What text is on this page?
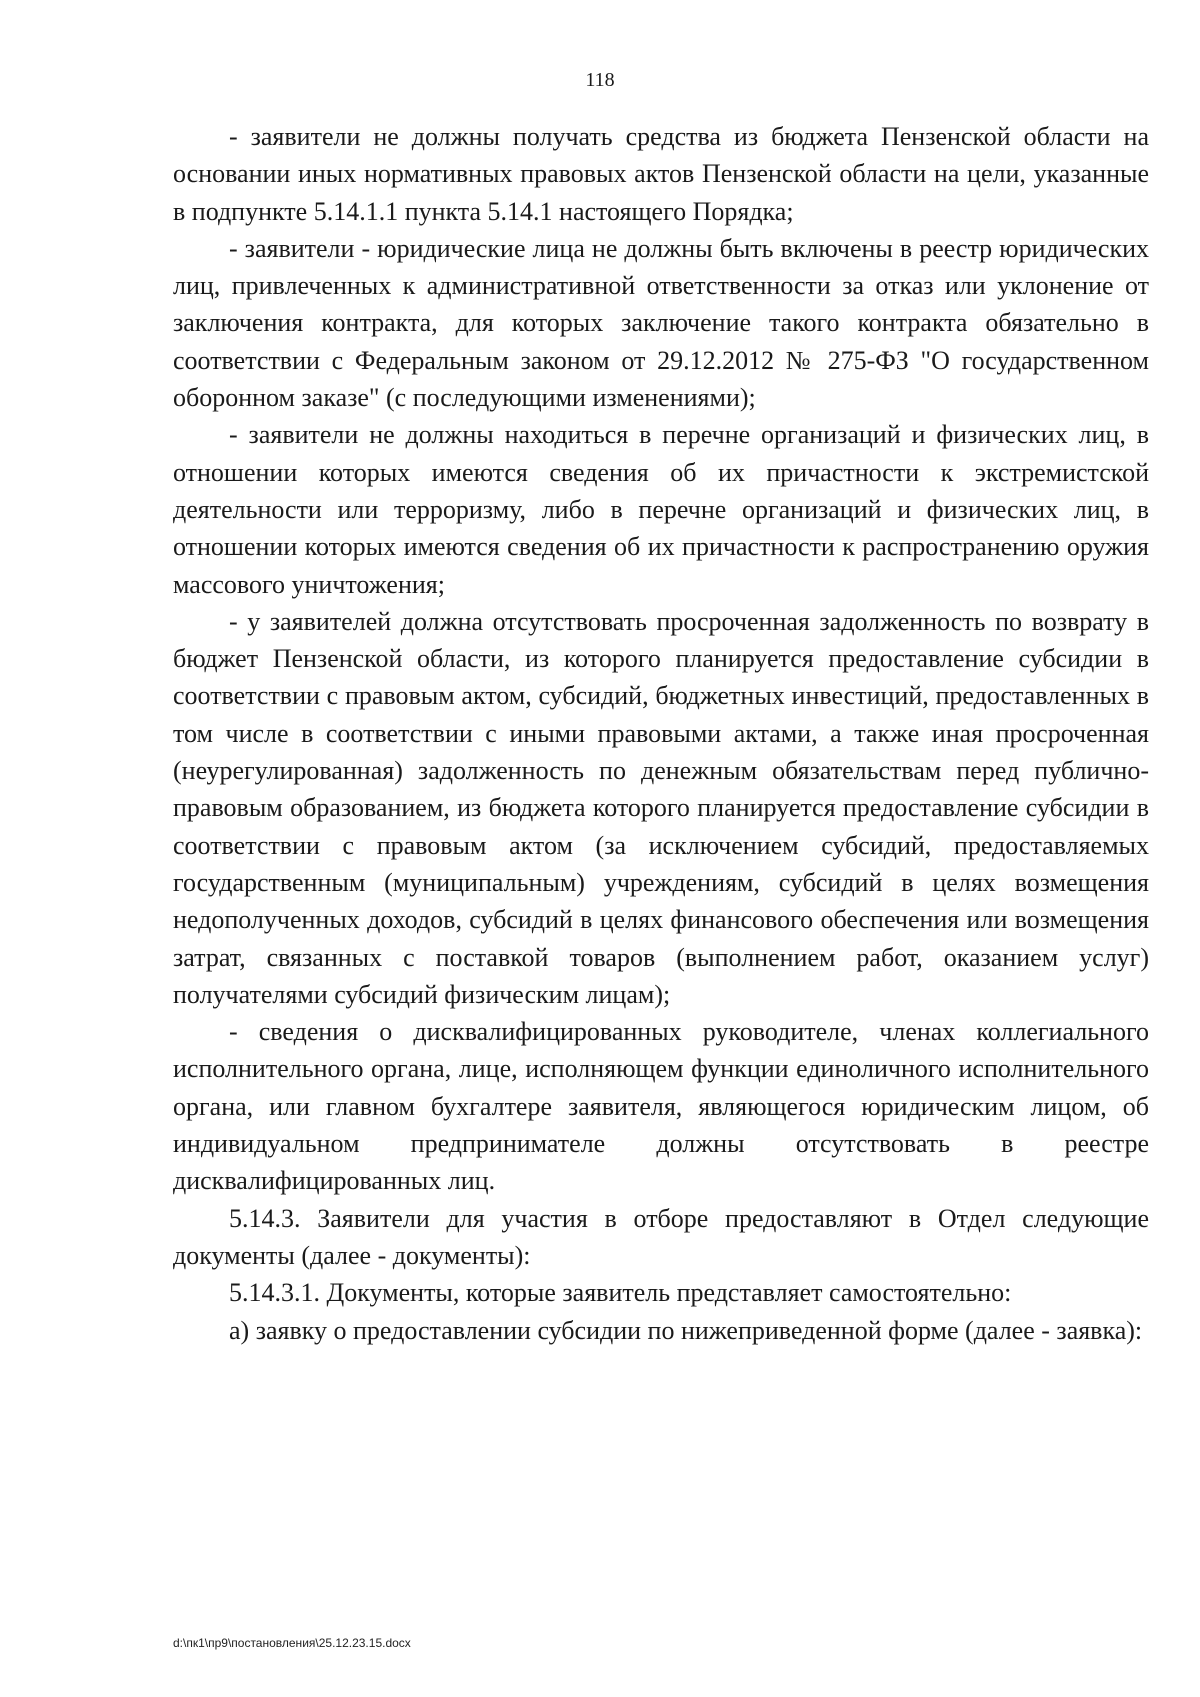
118

- заявители не должны получать средства из бюджета Пензенской области на основании иных нормативных правовых актов Пензенской области на цели, указанные в подпункте 5.14.1.1 пункта 5.14.1 настоящего Порядка;

- заявители - юридические лица не должны быть включены в реестр юридических лиц, привлеченных к административной ответственности за отказ или уклонение от заключения контракта, для которых заключение такого контракта обязательно в соответствии с Федеральным законом от 29.12.2012 № 275-ФЗ "О государственном оборонном заказе" (с последующими изменениями);

- заявители не должны находиться в перечне организаций и физических лиц, в отношении которых имеются сведения об их причастности к экстремистской деятельности или терроризму, либо в перечне организаций и физических лиц, в отношении которых имеются сведения об их причастности к распространению оружия массового уничтожения;

- у заявителей должна отсутствовать просроченная задолженность по возврату в бюджет Пензенской области, из которого планируется предоставление субсидии в соответствии с правовым актом, субсидий, бюджетных инвестиций, предоставленных в том числе в соответствии с иными правовыми актами, а также иная просроченная (неурегулированная) задолженность по денежным обязательствам перед публично-правовым образованием, из бюджета которого планируется предоставление субсидии в соответствии с правовым актом (за исключением субсидий, предоставляемых государственным (муниципальным) учреждениям, субсидий в целях возмещения недополученных доходов, субсидий в целях финансового обеспечения или возмещения затрат, связанных с поставкой товаров (выполнением работ, оказанием услуг) получателями субсидий физическим лицам);

- сведения о дисквалифицированных руководителе, членах коллегиального исполнительного органа, лице, исполняющем функции единоличного исполнительного органа, или главном бухгалтере заявителя, являющегося юридическим лицом, об индивидуальном предпринимателе должны отсутствовать в реестре дисквалифицированных лиц.

5.14.3. Заявители для участия в отборе предоставляют в Отдел следующие документы (далее - документы):

5.14.3.1. Документы, которые заявитель представляет самостоятельно:

а) заявку о предоставлении субсидии по нижеприведенной форме (далее - заявка):

d:\пк1\пр9\постановления\25.12.23.15.docx
